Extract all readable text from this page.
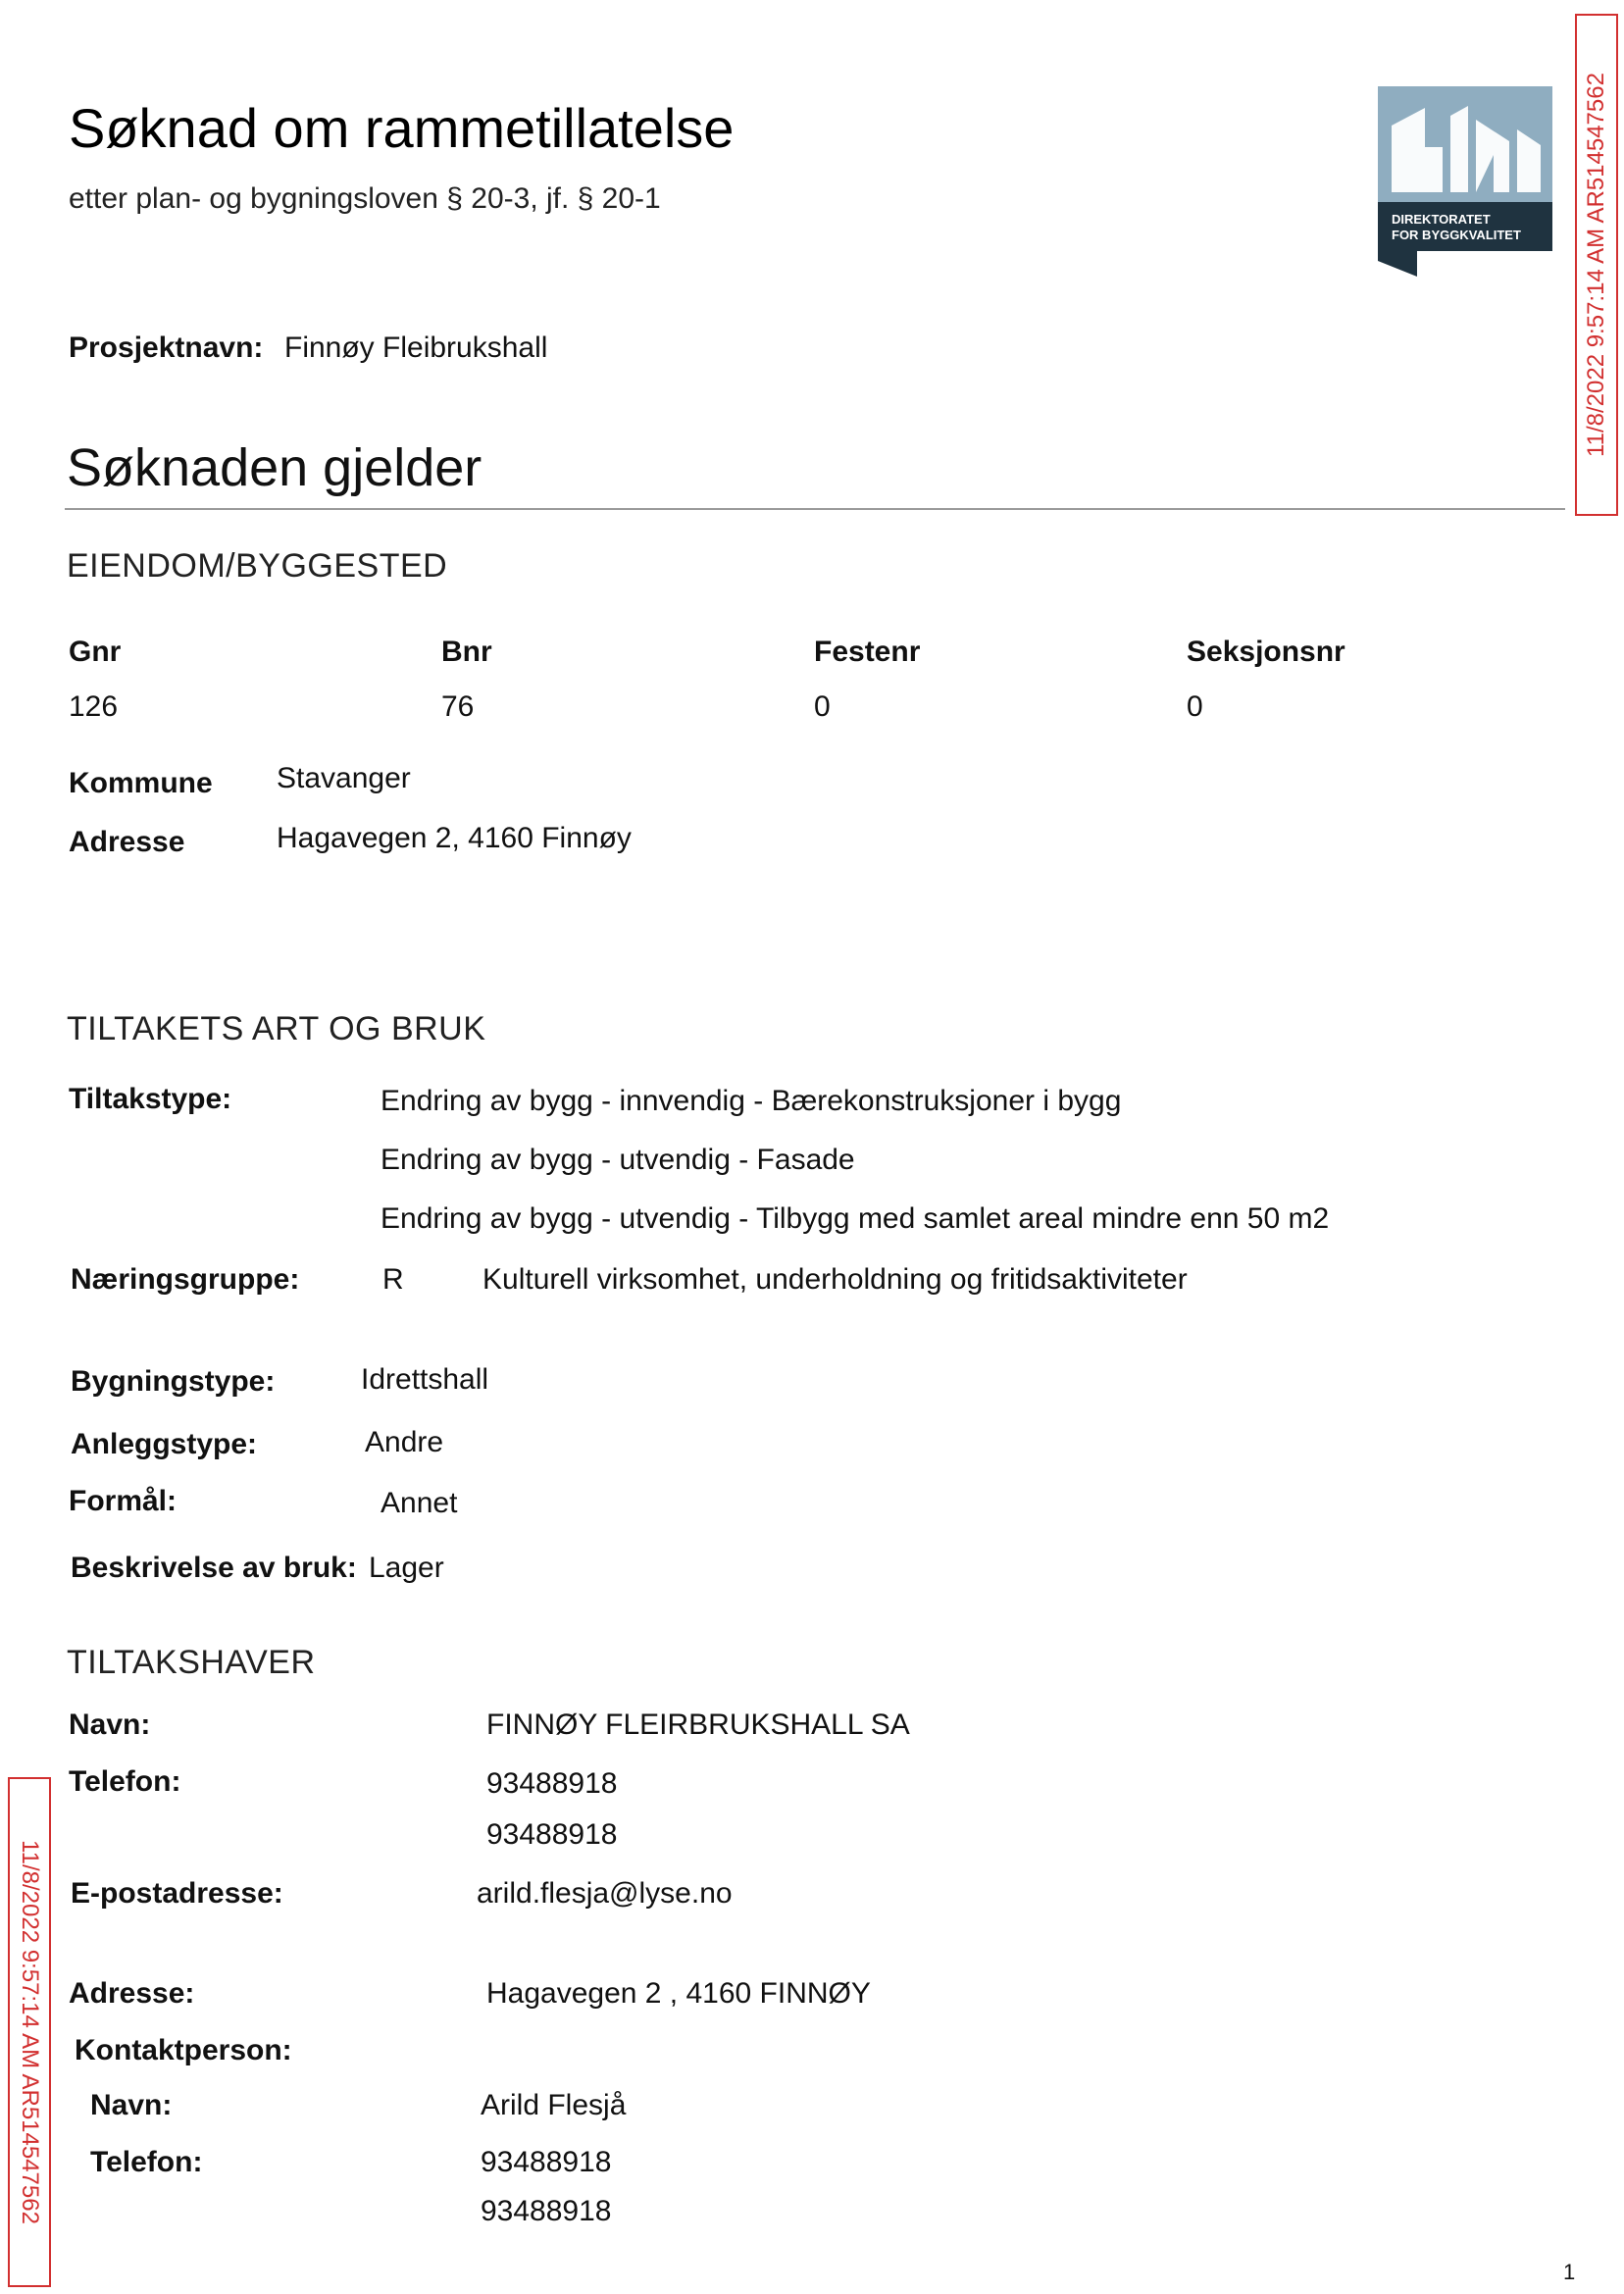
Søknad om rammetillatelse
etter plan- og bygningsloven § 20-3, jf. § 20-1
DIREKTORATET
FOR BYGGKVALITET	11/8/2022 9:57:14 AM AR514547562
11/8/2022 9:57:14 AM AR514547562
Prosjektnavn: Finnøy Fleibrukshall
Søknaden gjelder
EIENDOM/BYGGESTED
Gnr	Bnr	Festenr	Seksjonsnr
126	76	0	0
Kommune Stavanger
Adresse	Hagavegen 2, 4160 Finnøy
TILTAKETS ART OG BRUK
Tiltakstype:	Endring av bygg - innvendig - Bærekonstruksjoner i bygg
Endring av bygg - utvendig - Fasade
Endring av bygg - utvendig - Tilbygg med samlet areal mindre enn 50 m2
Næringsgruppe:	R	Kulturell virksomhet, underholdning og fritidsaktiviteter
Bygningstype:	Idrettshall
Anleggstype:	Andre
Formål:	Annet
Beskrivelse av bruk: Lager
TILTAKSHAVER
Navn:	FINNØY FLEIRBRUKSHALL SA
Telefon:	93488918
93488918
E-postadresse:	arild.flesja@lyse.no
Adresse:	Hagavegen 2 , 4160 FINNØY
Kontaktperson:
Navn:	Arild Flesjå
Telefon:	93488918
93488918
1
